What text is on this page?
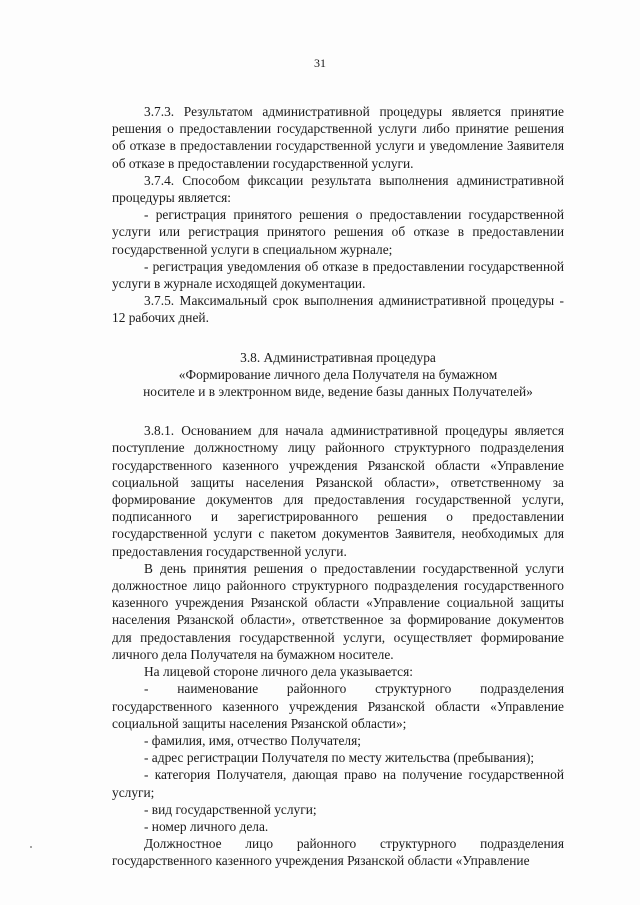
31

3.7.3. Результатом административной процедуры является принятие решения о предоставлении государственной услуги либо принятие решения об отказе в предоставлении государственной услуги и уведомление Заявителя об отказе в предоставлении государственной услуги.

3.7.4. Способом фиксации результата выполнения административной процедуры является:

- регистрация принятого решения о предоставлении государственной услуги или регистрация принятого решения об отказе в предоставлении государственной услуги в специальном журнале;

- регистрация уведомления об отказе в предоставлении государственной услуги в журнале исходящей документации.

3.7.5. Максимальный срок выполнения административной процедуры - 12 рабочих дней.

3.8. Административная процедура
«Формирование личного дела Получателя на бумажном
носителе и в электронном виде, ведение базы данных Получателей»

3.8.1. Основанием для начала административной процедуры является поступление должностному лицу районного структурного подразделения государственного казенного учреждения Рязанской области «Управление социальной защиты населения Рязанской области», ответственному за формирование документов для предоставления государственной услуги, подписанного и зарегистрированного решения о предоставлении государственной услуги с пакетом документов Заявителя, необходимых для предоставления государственной услуги.

В день принятия решения о предоставлении государственной услуги должностное лицо районного структурного подразделения государственного казенного учреждения Рязанской области «Управление социальной защиты населения Рязанской области», ответственное за формирование документов для предоставления государственной услуги, осуществляет формирование личного дела Получателя на бумажном носителе.

На лицевой стороне личного дела указывается:

- наименование районного структурного подразделения государственного казенного учреждения Рязанской области «Управление социальной защиты населения Рязанской области»;

- фамилия, имя, отчество Получателя;

- адрес регистрации Получателя по месту жительства (пребывания);

- категория Получателя, дающая право на получение государственной услуги;

- вид государственной услуги;

- номер личного дела.

Должностное лицо районного структурного подразделения государственного казенного учреждения Рязанской области «Управление
